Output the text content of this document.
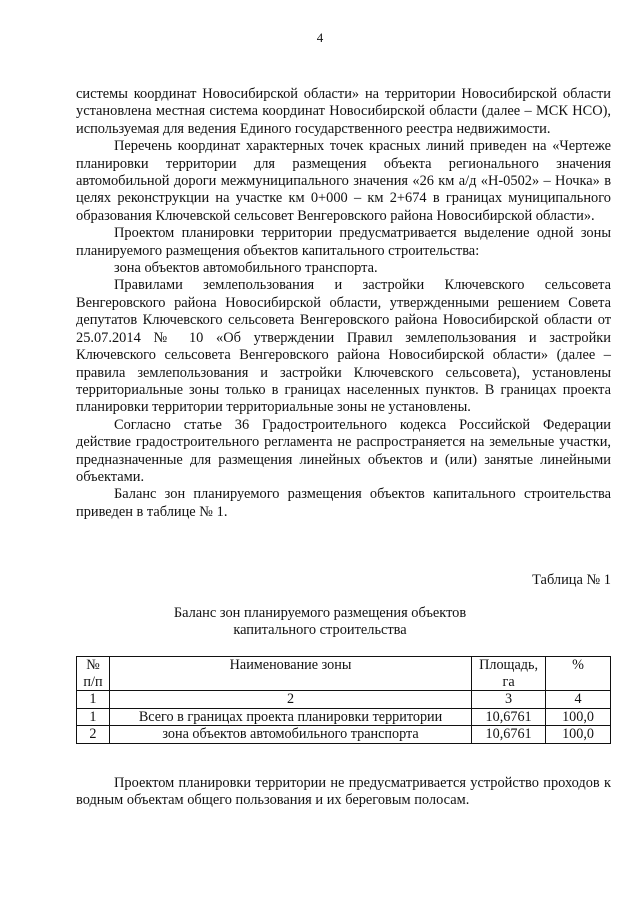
4

системы координат Новосибирской области» на территории Новосибирской области установлена местная система координат Новосибирской области (далее – МСК НСО), используемая для ведения Единого государственного реестра недвижимости.

Перечень координат характерных точек красных линий приведен на «Чертеже планировки территории для размещения объекта регионального значения автомобильной дороги межмуниципального значения «26 км а/д «Н-0502» – Ночка» в целях реконструкции на участке км 0+000 – км 2+674 в границах муниципального образования Ключевской сельсовет Венгеровского района Новосибирской области».

Проектом планировки территории предусматривается выделение одной зоны планируемого размещения объектов капитального строительства:

зона объектов автомобильного транспорта.

Правилами землепользования и застройки Ключевского сельсовета Венгеровского района Новосибирской области, утвержденными решением Совета депутатов Ключевского сельсовета Венгеровского района Новосибирской области от 25.07.2014 № 10 «Об утверждении Правил землепользования и застройки Ключевского сельсовета Венгеровского района Новосибирской области» (далее – правила землепользования и застройки Ключевского сельсовета), установлены территориальные зоны только в границах населенных пунктов. В границах проекта планировки территории территориальные зоны не установлены.

Согласно статье 36 Градостроительного кодекса Российской Федерации действие градостроительного регламента не распространяется на земельные участки, предназначенные для размещения линейных объектов и (или) занятые линейными объектами.

Баланс зон планируемого размещения объектов капитального строительства приведен в таблице № 1.

Таблица № 1
Баланс зон планируемого размещения объектов
капитального строительства
№ п/п	Наименование зоны	Площадь, га	%
1	2	3	4
1	Всего в границах проекта планировки территории	10,6761	100,0
2	зона объектов автомобильного транспорта	10,6761	100,0

Проектом планировки территории не предусматривается устройство проходов к водным объектам общего пользования и их береговым полосам.
